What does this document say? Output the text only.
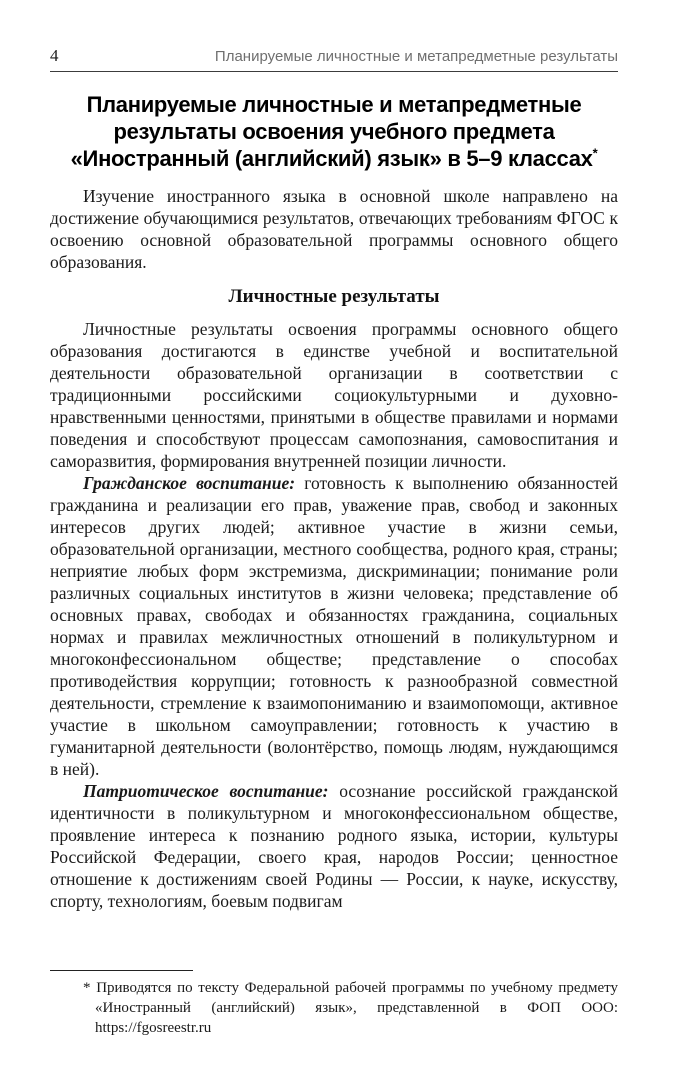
4	Планируемые личностные и метапредметные результаты
Планируемые личностные и метапредметные
результаты освоения учебного предмета
«Иностранный (английский) язык» в 5–9 классах*

Изучение иностранного языка в основной школе направлено на достижение обучающимися результатов, отвечающих требованиям ФГОС к освоению основной образовательной программы основного общего образования.

Личностные результаты

Личностные результаты освоения программы основного общего образования достигаются в единстве учебной и воспитательной деятельности образовательной организации в соответствии с традиционными российскими социокультурными и духовно-нравственными ценностями, принятыми в обществе правилами и нормами поведения и способствуют процессам самопознания, самовоспитания и саморазвития, формирования внутренней позиции личности.

Гражданское воспитание: готовность к выполнению обязанностей гражданина и реализации его прав, уважение прав, свобод и законных интересов других людей; активное участие в жизни семьи, образовательной организации, местного сообщества, родного края, страны; неприятие любых форм экстремизма, дискриминации; понимание роли различных социальных институтов в жизни человека; представление об основных правах, свободах и обязанностях гражданина, социальных нормах и правилах межличностных отношений в поликультурном и многоконфессиональном обществе; представление о способах противодействия коррупции; готовность к разнообразной совместной деятельности, стремление к взаимопониманию и взаимопомощи, активное участие в школьном самоуправлении; готовность к участию в гуманитарной деятельности (волонтёрство, помощь людям, нуждающимся в ней).

Патриотическое воспитание: осознание российской гражданской идентичности в поликультурном и многоконфессиональном обществе, проявление интереса к познанию родного языка, истории, культуры Российской Федерации, своего края, народов России; ценностное отношение к достижениям своей Родины — России, к науке, искусству, спорту, технологиям, боевым подвигам

* Приводятся по тексту Федеральной рабочей программы по учебному предмету «Иностранный (английский) язык», представленной в ФОП ООО: https://fgosreestr.ru
